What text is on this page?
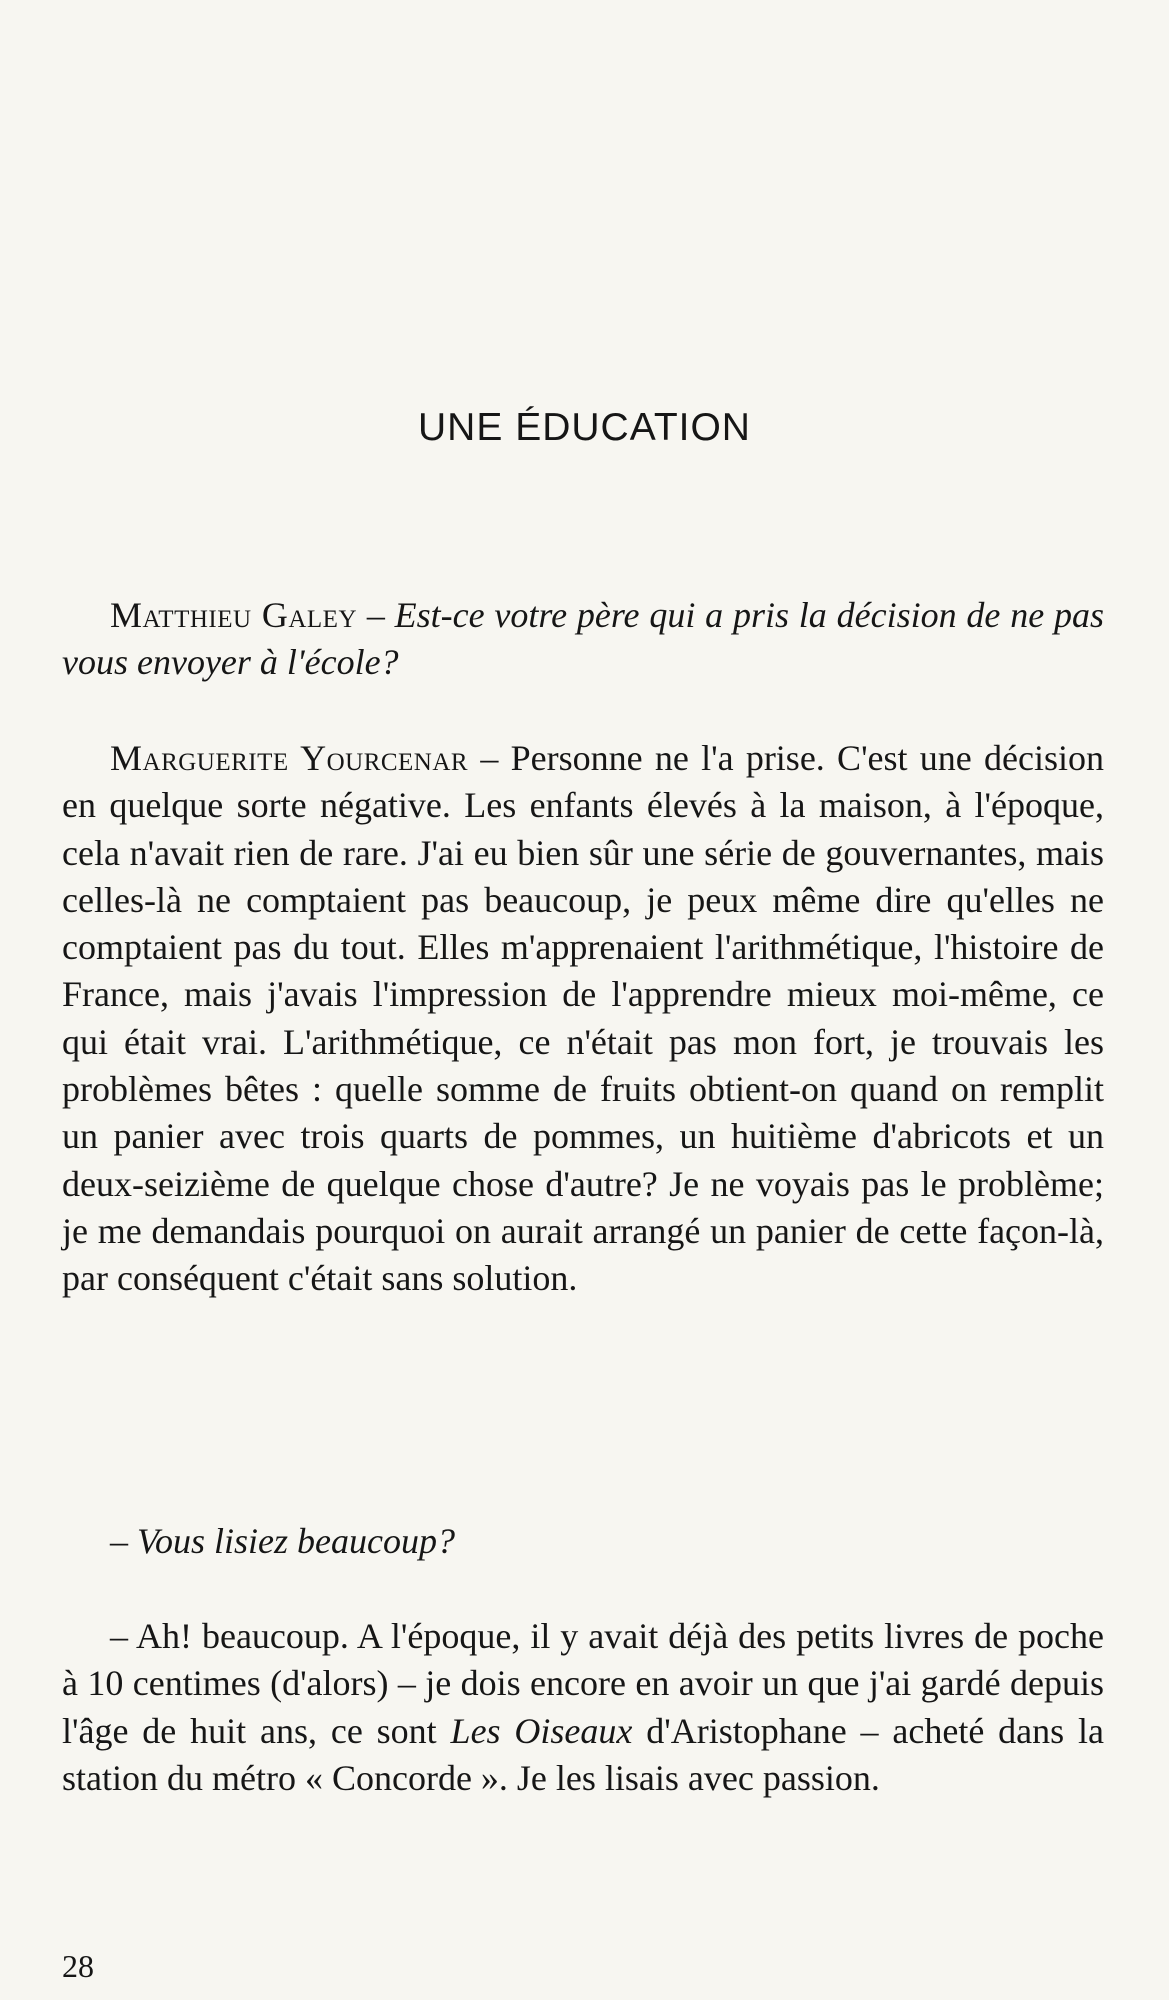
UNE ÉDUCATION

Matthieu Galey – Est-ce votre père qui a pris la décision de ne pas vous envoyer à l'école?

Marguerite Yourcenar – Personne ne l'a prise. C'est une décision en quelque sorte négative. Les enfants élevés à la maison, à l'époque, cela n'avait rien de rare. J'ai eu bien sûr une série de gouvernantes, mais celles-là ne comptaient pas beaucoup, je peux même dire qu'elles ne comptaient pas du tout. Elles m'apprenaient l'arithmétique, l'histoire de France, mais j'avais l'impression de l'apprendre mieux moi-même, ce qui était vrai. L'arithmétique, ce n'était pas mon fort, je trouvais les problèmes bêtes : quelle somme de fruits obtient-on quand on remplit un panier avec trois quarts de pommes, un huitième d'abricots et un deux-seizième de quelque chose d'autre? Je ne voyais pas le problème; je me demandais pourquoi on aurait arrangé un panier de cette façon-là, par conséquent c'était sans solution.

– Vous lisiez beaucoup?

– Ah! beaucoup. A l'époque, il y avait déjà des petits livres de poche à 10 centimes (d'alors) – je dois encore en avoir un que j'ai gardé depuis l'âge de huit ans, ce sont Les Oiseaux d'Aristophane – acheté dans la station du métro « Concorde ». Je les lisais avec passion.

28
